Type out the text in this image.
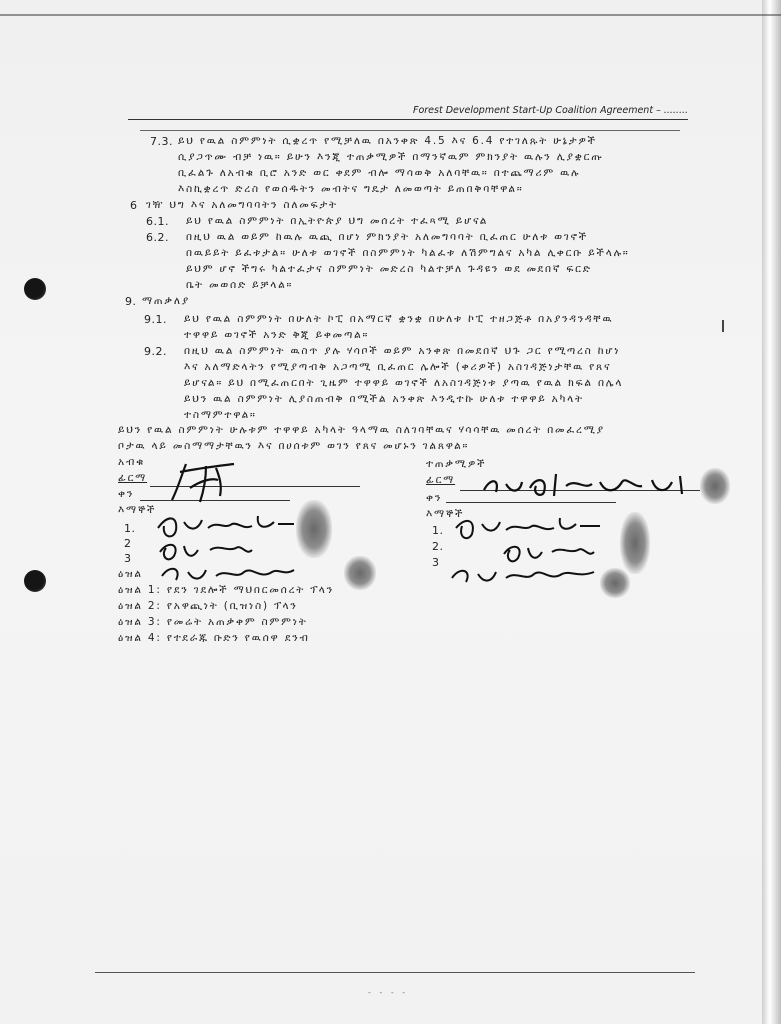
Forest Development Start-Up Coalition Agreement – ........
7.3. ይህ የዉል ስምምነት ሲቋረጥ የሚቻለዉ በአንቀጽ 4.5 እና 6.4 የተገለጹት ሁኔታዎች
ሲያጋጥሙ ብቻ ነዉ። ይሁን እንጂ ተጠቃሚዎች በማንኛዉም ምክንያት ዉሉን ሊያቋርጡ
ቢፈልጉ ለአብቁ ቢሮ አንድ ወር ቀደም ብሎ ማሳወቅ አለባቸዉ። በተጨማሪም ዉሉ
እስኪቋረጥ ድረስ የወሰዱትን መብትና ግዴታ ለመወጣት ይጠበቅባቸዋል።
6 ገዥ ህግ እና አለመግባባትን ስለመፍታት
6.1. ይህ የዉል ስምምነት በኢትዮጵያ ህግ መሰረት ተፈጻሚ ይሆናል
6.2. በዚህ ዉል ወይም ከዉሉ ዉጪ በሆነ ምክንያት አለመግባባት ቢፈጠር ሁለቱ ወገኖች
በዉይይት ይፈቱታል። ሁለቱ ወገኖች በስምምነት ካልፈቱ ለሽምግልና አካል ሊቀርቡ ይችላሉ።
ይህም ሆኖ ችግሩ ካልተፈታና ስምምነት መድረስ ካልተቻለ ጉዳዩን ወደ መደበኛ ፍርድ
ቤት መወሰድ ይቻላል።
9. ማጠቃለያ
9.1. ይህ የዉል ስምምነት በሁለት ኮፒ በአማርኛ ቋንቋ በሁለቱ ኮፒ ተዘጋጅቶ በአያንዳንዳቸዉ
ተዋዋይ ወገኖች አንድ ቅጂ ይቀመጣል።
9.2. በዚህ ዉል ስምምነት ዉስጥ ያሉ ሃሳቦች ወይም አንቀጽ በመደበኛ ህጉ ጋር የሚጣረስ ከሆነ
እና አለማድላትን የሚያጣብቅ አጋጣሚ ቢፈጠር ሌሎች (ቀሪዎች) አስገዳጅነታቸዉ የጸና
ይሆናል። ይህ በሚፈጠርበት ጊዜም ተዋዋይ ወገኖች ለአስገዳጅነቱ ያጣዉ የዉል ክፍል በሌላ
ይህን ዉል ስምምነት ሊያስጠብቅ በሚችል አንቀጽ እንዲተኩ ሁለቱ ተዋዋይ አካላት
ተስማምተዋል።
ይህን የዉል ስምምነት ሁሉቱም ተዋዋይ አካላት ዓላማዉ ስለገባቸዉና ሃሳሳቸዉ መሰረት በመፈረሚያ
ቦታዉ ላይ መስማማታቸዉን እና በሀሰቱም ወገን የጸና መሆኑን ገልጸዋል።
አብቁ
ፊርማ
ቀን
እማኞች
1.
2
3
ዕዝል
ዕዝል 1: የደን ገደሎች ማህበርመሰረት ፕላን
ዕዝል 2: የአዋጪነት (ቢዝነስ) ፕላን
ዕዝል 3: የመሬት አጠቃቀም ስምምነት
ዕዝል 4: የተደራጁ ቡድን የዉሰዋ ደንብ
ተጠቃሚዎች
ፊርማ
ቀን
እማኞች
1.
2.
3
- - - -
